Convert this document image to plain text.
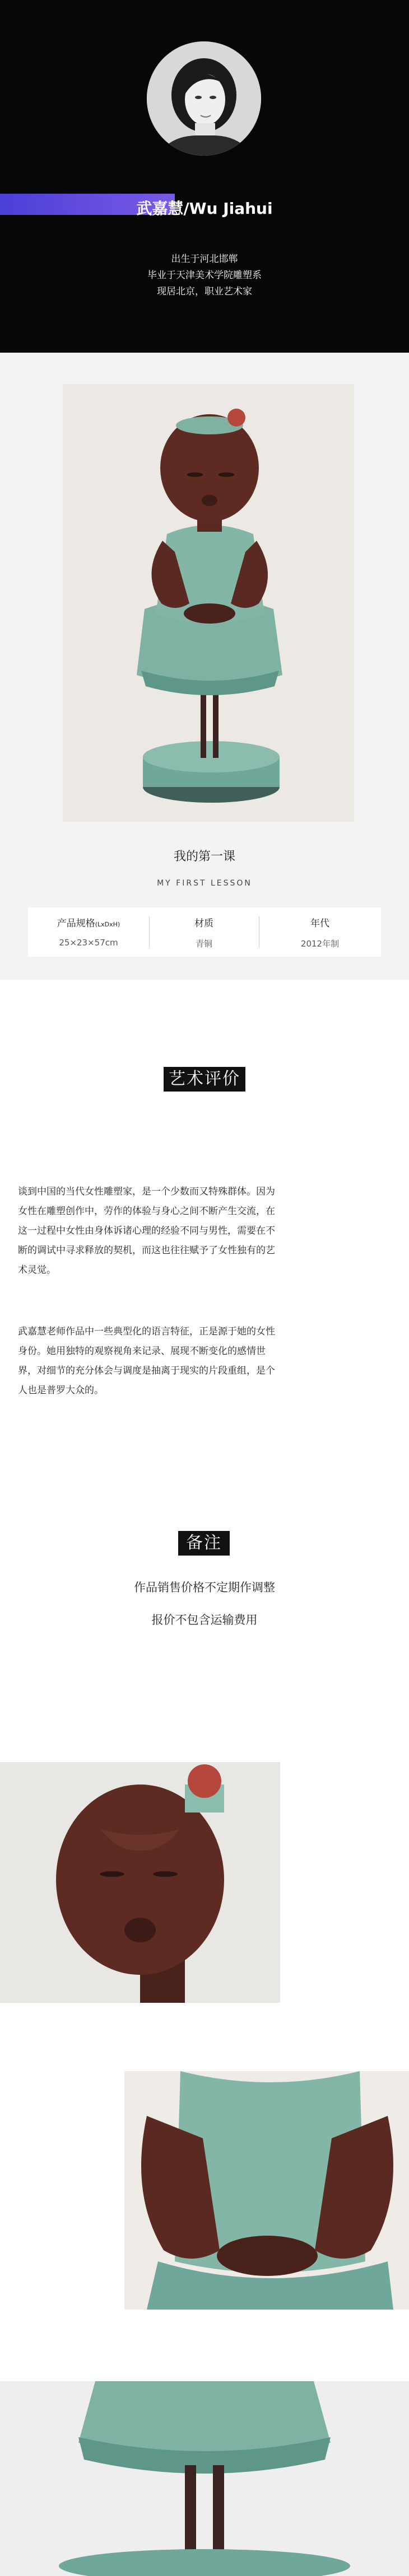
武嘉慧/Wu Jiahui
出生于河北邯郸
毕业于天津美术学院雕塑系
现居北京，职业艺术家
我的第一课
MY FIRST LESSON
产品规格(LxDxH)
25×23×57cm
材质
青铜
年代
2012年制
艺术评价
谈到中国的当代女性雕塑家，是一个少数而又特殊群体。因为
女性在雕塑创作中，劳作的体验与身心之间不断产生交流，在
这一过程中女性由身体诉诸心理的经验不同与男性，需要在不
断的调试中寻求释放的契机，而这也往往赋予了女性独有的艺
术灵觉。
武嘉慧老师作品中一些典型化的语言特征，正是源于她的女性
身份。她用独特的观察视角来记录、展现不断变化的感情世
界，对细节的充分体会与调度是抽离于现实的片段重组，是个
人也是普罗大众的。
备注
作品销售价格不定期作调整
报价不包含运输费用
